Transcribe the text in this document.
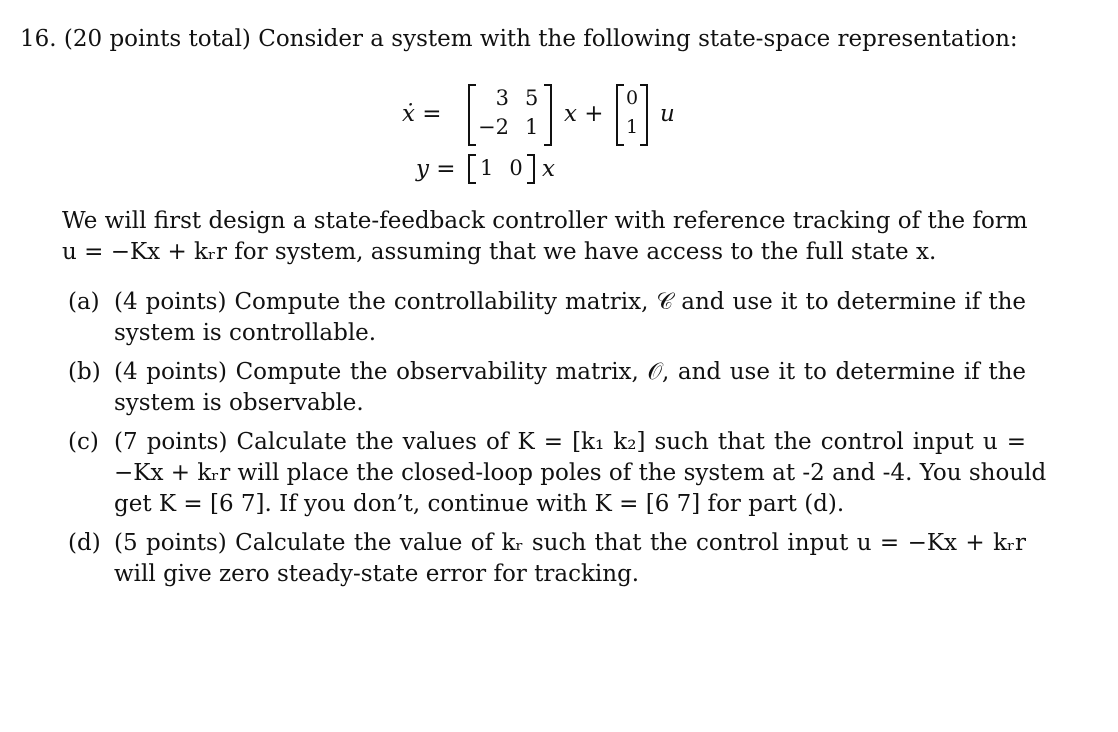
16. (20 points total) Consider a system with the following state-space representation:
ẋ =
3	5
−2	1 x +
0
1 u
y = 1	0 x
We will first design a state-feedback controller with reference tracking of the form
u = −Kx + kᵣr for system, assuming that we have access to the full state x.
(a) (4 points) Compute the controllability matrix, 𝒞 and use it to determine if the
system is controllable.
(b) (4 points) Compute the observability matrix, 𝒪, and use it to determine if the
system is observable.
(c) (7 points) Calculate the values of K = [k₁ k₂] such that the control input u =
−Kx + kᵣr will place the closed-loop poles of the system at -2 and -4. You should
get K = [6 7]. If you don’t, continue with K = [6 7] for part (d).
(d) (5 points) Calculate the value of kᵣ such that the control input u = −Kx + kᵣr
will give zero steady-state error for tracking.
